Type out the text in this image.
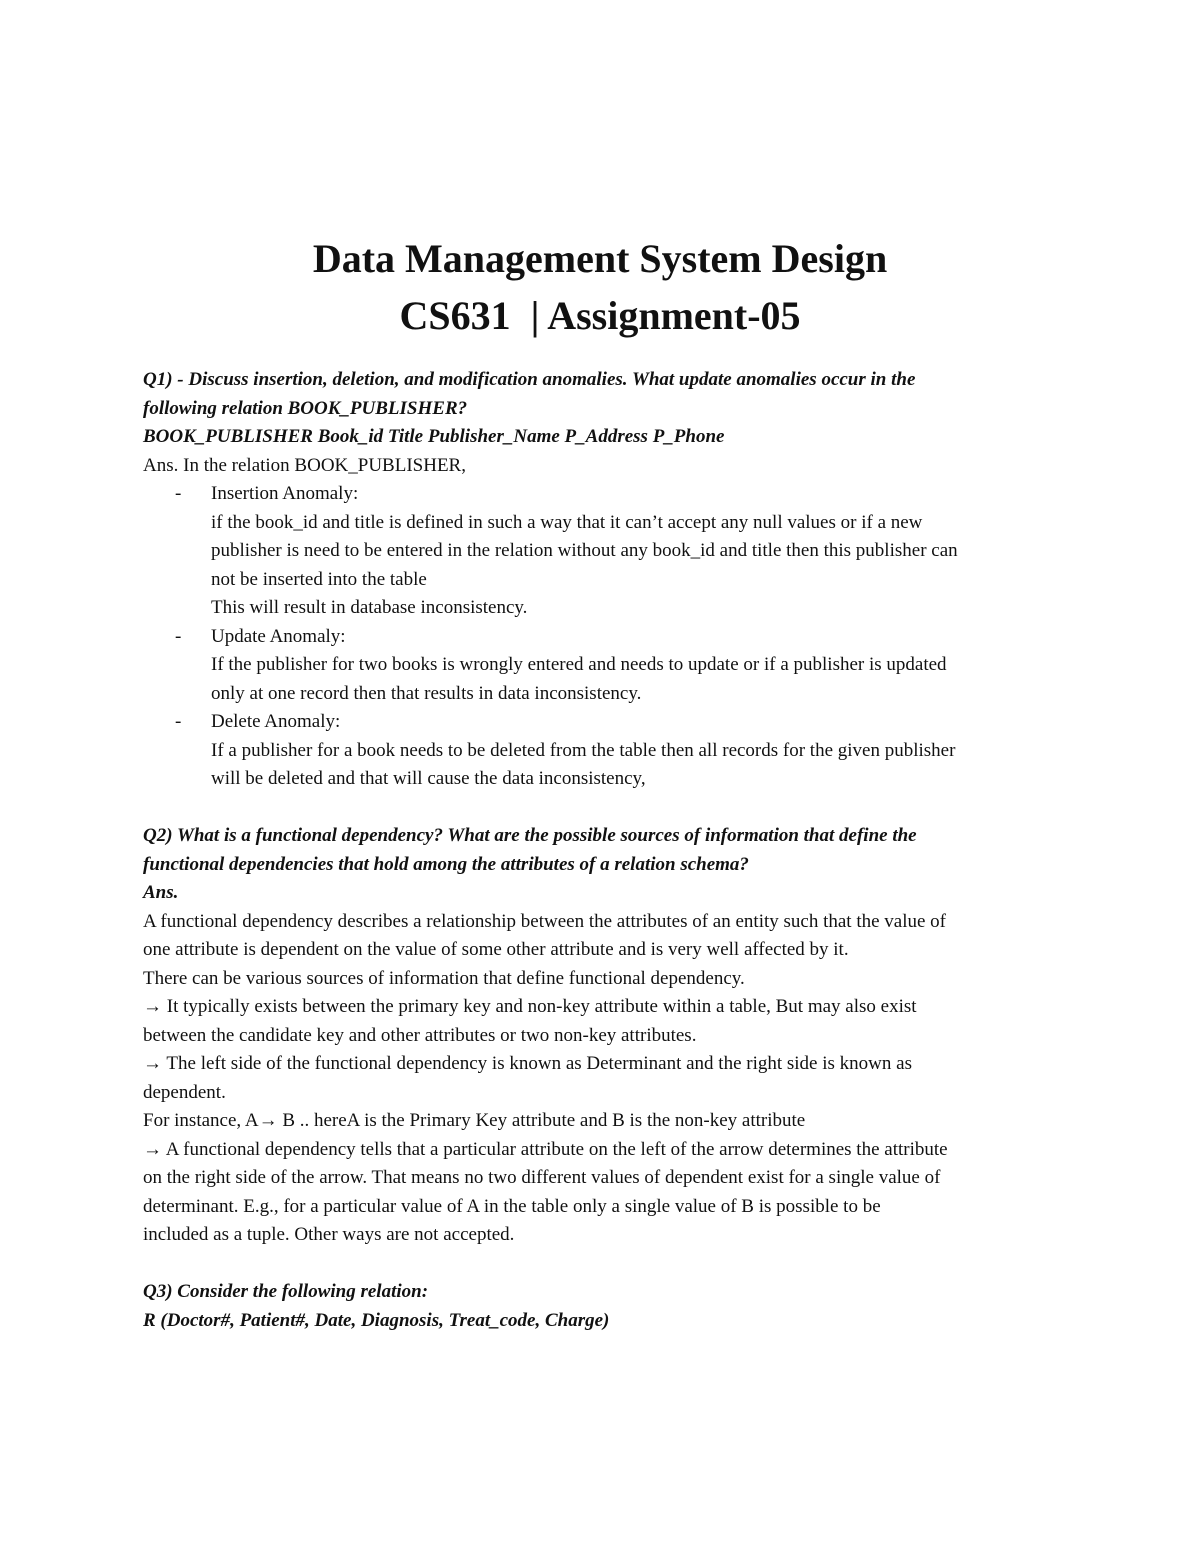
Data Management System Design
CS631  | Assignment-05
Q1) - Discuss insertion, deletion, and modification anomalies. What update anomalies occur in the
following relation BOOK_PUBLISHER?
BOOK_PUBLISHER Book_id Title Publisher_Name P_Address P_Phone
Ans. In the relation BOOK_PUBLISHER,
- Insertion Anomaly:
if the book_id and title is defined in such a way that it can’t accept any null values or if a new
publisher is need to be entered in the relation without any book_id and title then this publisher can
not be inserted into the table
This will result in database inconsistency.
- Update Anomaly:
If the publisher for two books is wrongly entered and needs to update or if a publisher is updated
only at one record then that results in data inconsistency.
- Delete Anomaly:
If a publisher for a book needs to be deleted from the table then all records for the given publisher
will be deleted and that will cause the data inconsistency,
Q2) What is a functional dependency? What are the possible sources of information that define the
functional dependencies that hold among the attributes of a relation schema?
Ans.
A functional dependency describes a relationship between the attributes of an entity such that the value of
one attribute is dependent on the value of some other attribute and is very well affected by it.
There can be various sources of information that define functional dependency.
→ It typically exists between the primary key and non-key attribute within a table, But may also exist
between the candidate key and other attributes or two non-key attributes.
→ The left side of the functional dependency is known as Determinant and the right side is known as
dependent.
For instance, A→ B .. hereA is the Primary Key attribute and B is the non-key attribute
→ A functional dependency tells that a particular attribute on the left of the arrow determines the attribute
on the right side of the arrow. That means no two different values of dependent exist for a single value of
determinant. E.g., for a particular value of A in the table only a single value of B is possible to be
included as a tuple. Other ways are not accepted.
Q3) Consider the following relation:
R (Doctor#, Patient#, Date, Diagnosis, Treat_code, Charge)
